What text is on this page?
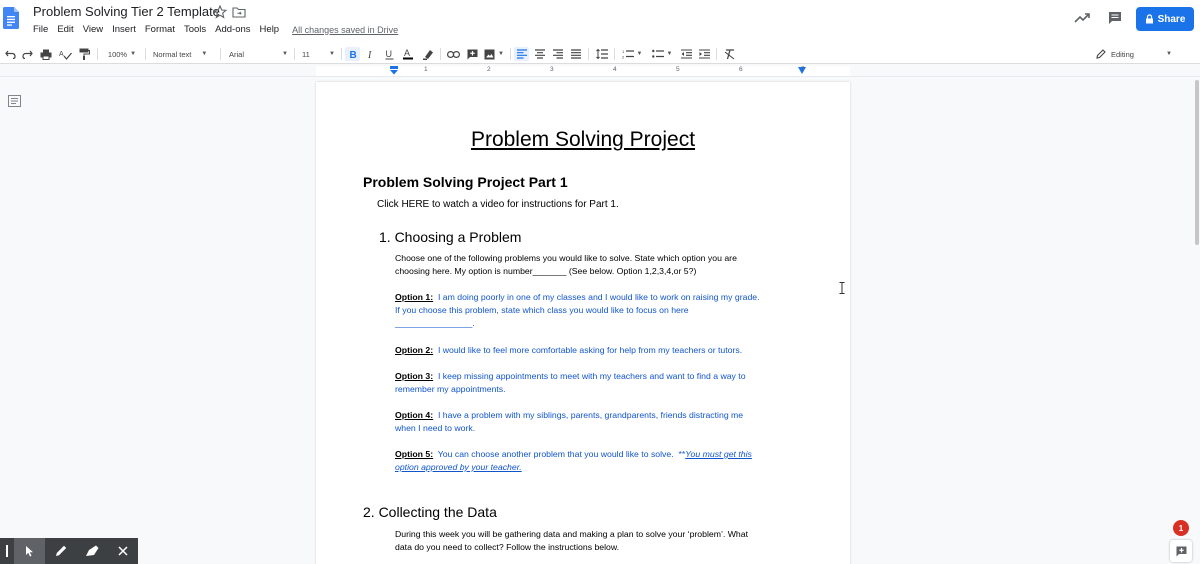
Problem Solving Tier 2 Template
File Edit View Insert Format Tools Add-ons Help All changes saved in Drive
Share
A	100% ▼ Normal text ▼	Arial	▼ 11	▼ B I U A	▼	1
2 ▼	▼	Editing	▼
1	2	3	4	5	6	7
Problem Solving Project
Problem Solving Project Part 1
Click HERE to watch a video for instructions for Part 1.
1. Choosing a Problem
Choose one of the following problems you would like to solve. State which option you are
choosing here. My option is number_______ (See below. Option 1,2,3,4,or 5?)
Option 1: I am doing poorly in one of my classes and I would like to work on raising my grade.
If you choose this problem, state which class you would like to focus on here
________________.
Option 2: I would like to feel more comfortable asking for help from my teachers or tutors.
Option 3: I keep missing appointments to meet with my teachers and want to find a way to
remember my appointments.
Option 4: I have a problem with my siblings, parents, grandparents, friends distracting me
when I need to work.
Option 5: You can choose another problem that you would like to solve. **You must get this
option approved by your teacher.
2. Collecting the Data
During this week you will be gathering data and making a plan to solve your ‘problem’. What
data do you need to collect? Follow the instructions below.
1
